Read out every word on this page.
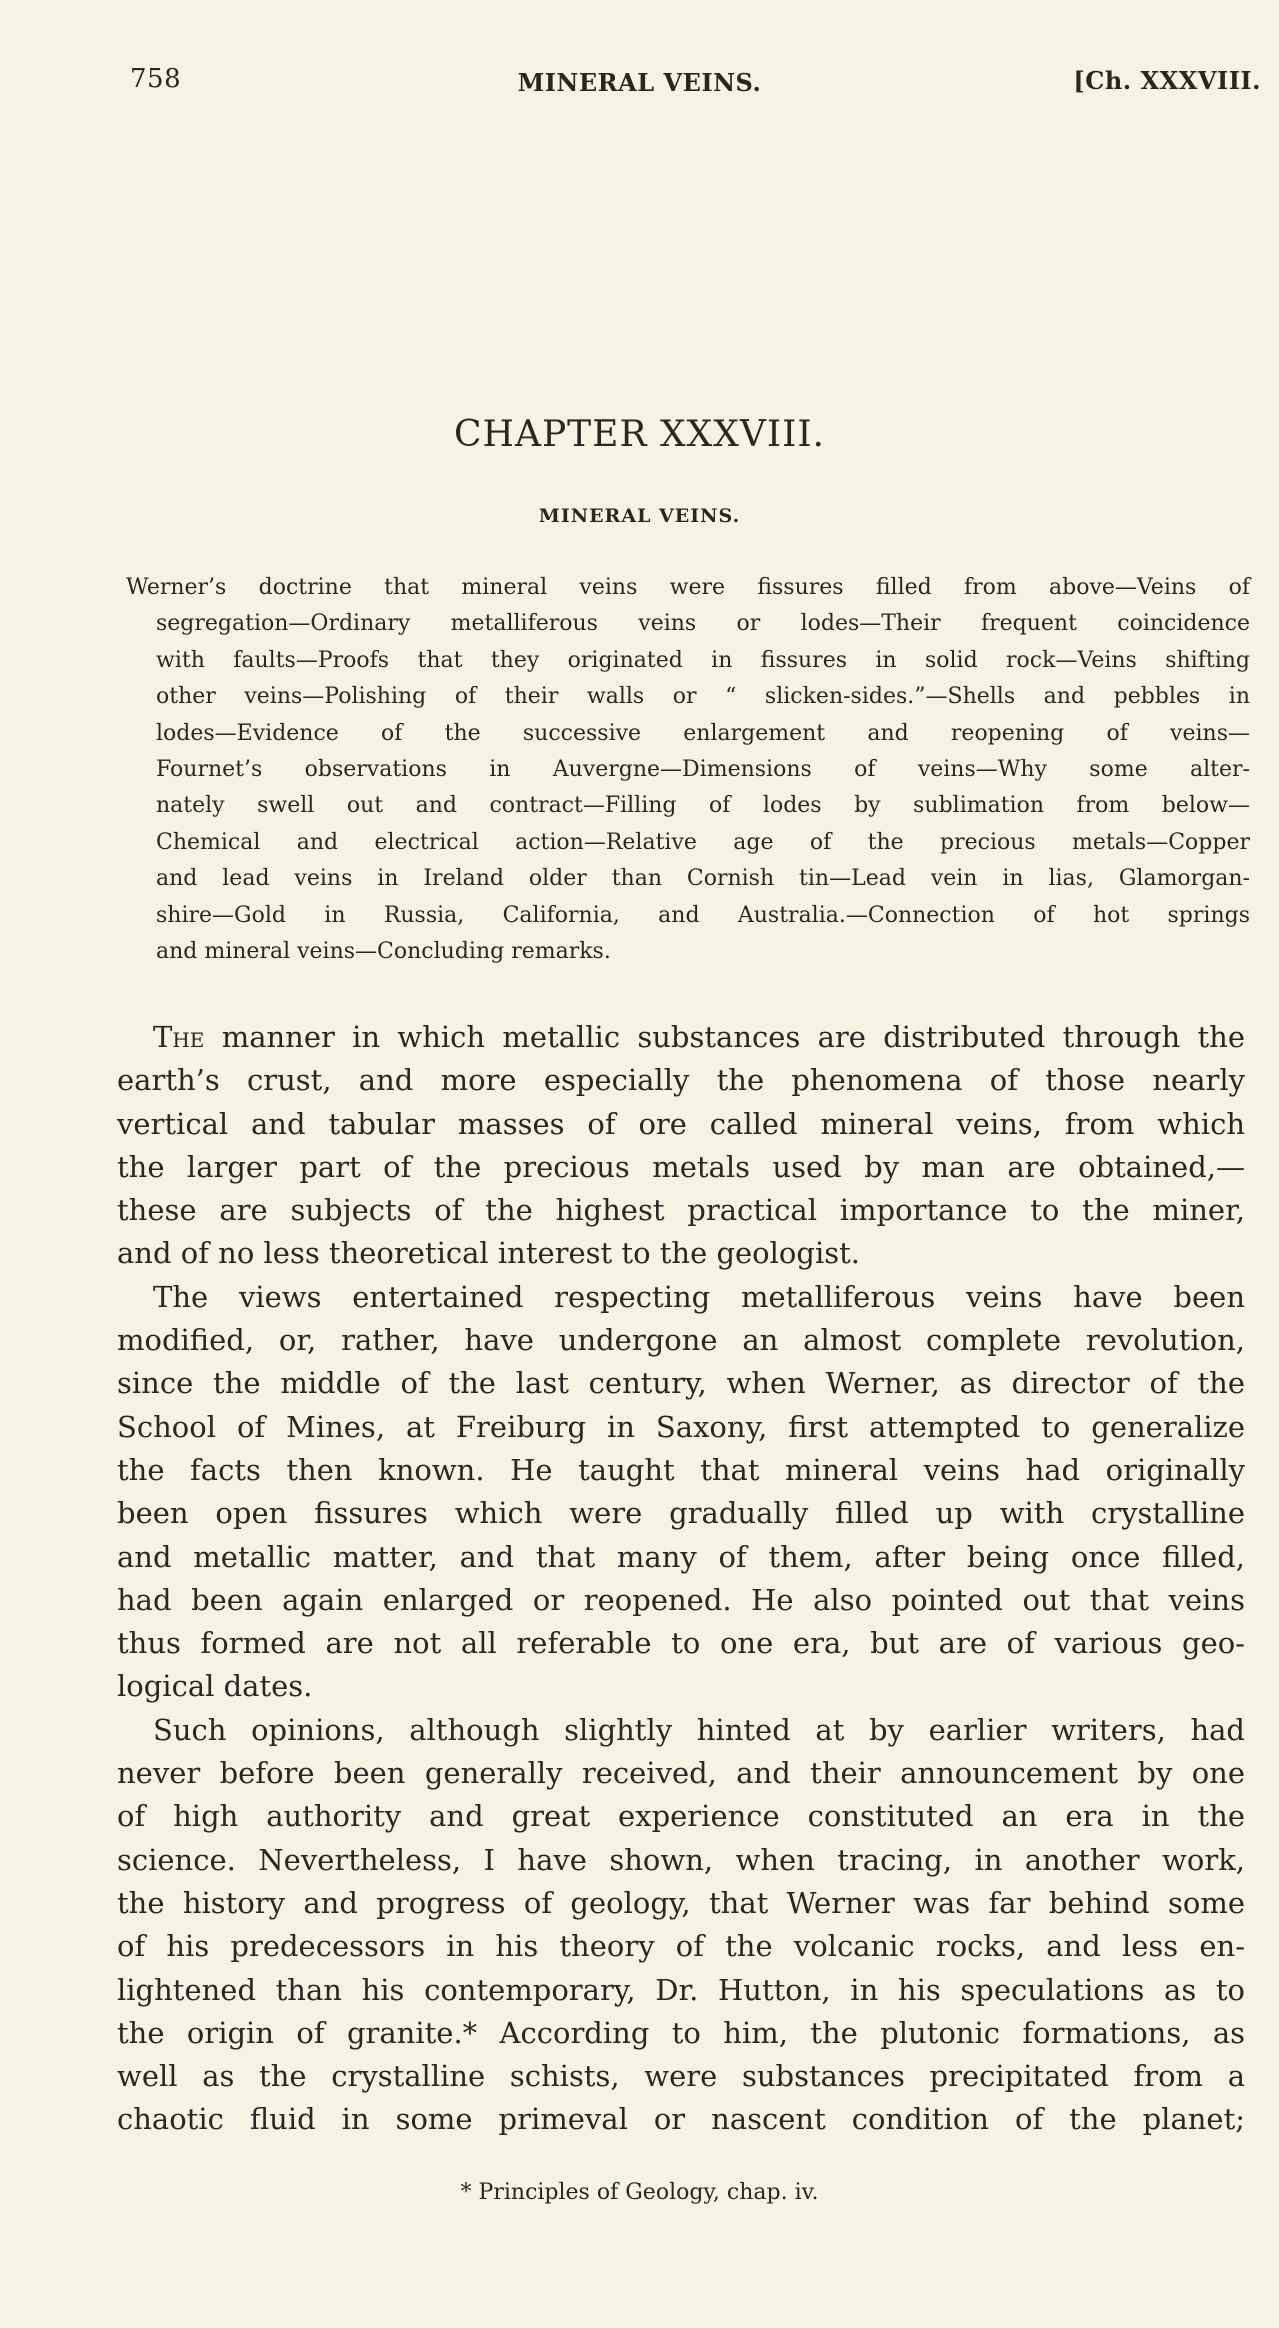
758	MINERAL VEINS.	[Ch. XXXVIII.
CHAPTER XXXVIII.
MINERAL VEINS.
Werner’s doctrine that mineral veins were fissures filled from above—Veins of
segregation—Ordinary metalliferous veins or lodes—Their frequent coincidence
with faults—Proofs that they originated in fissures in solid rock—Veins shifting
other veins—Polishing of their walls or “ slicken-sides.”—Shells and pebbles in
lodes—Evidence of the successive enlargement and reopening of veins—
Fournet’s observations in Auvergne—Dimensions of veins—Why some alter-
nately swell out and contract—Filling of lodes by sublimation from below—
Chemical and electrical action—Relative age of the precious metals—Copper
and lead veins in Ireland older than Cornish tin—Lead vein in lias, Glamorgan-
shire—Gold in Russia, California, and Australia.—Connection of hot springs
and mineral veins—Concluding remarks.
The manner in which metallic substances are distributed through the
earth’s crust, and more especially the phenomena of those nearly
vertical and tabular masses of ore called mineral veins, from which
the larger part of the precious metals used by man are obtained,—
these are subjects of the highest practical importance to the miner,
and of no less theoretical interest to the geologist.
The views entertained respecting metalliferous veins have been
modified, or, rather, have undergone an almost complete revolution,
since the middle of the last century, when Werner, as director of the
School of Mines, at Freiburg in Saxony, first attempted to generalize
the facts then known. He taught that mineral veins had originally
been open fissures which were gradually filled up with crystalline
and metallic matter, and that many of them, after being once filled,
had been again enlarged or reopened. He also pointed out that veins
thus formed are not all referable to one era, but are of various geo-
logical dates.
Such opinions, although slightly hinted at by earlier writers, had
never before been generally received, and their announcement by one
of high authority and great experience constituted an era in the
science. Nevertheless, I have shown, when tracing, in another work,
the history and progress of geology, that Werner was far behind some
of his predecessors in his theory of the volcanic rocks, and less en-
lightened than his contemporary, Dr. Hutton, in his speculations as to
the origin of granite.* According to him, the plutonic formations, as
well as the crystalline schists, were substances precipitated from a
chaotic fluid in some primeval or nascent condition of the planet;
* Principles of Geology, chap. iv.
